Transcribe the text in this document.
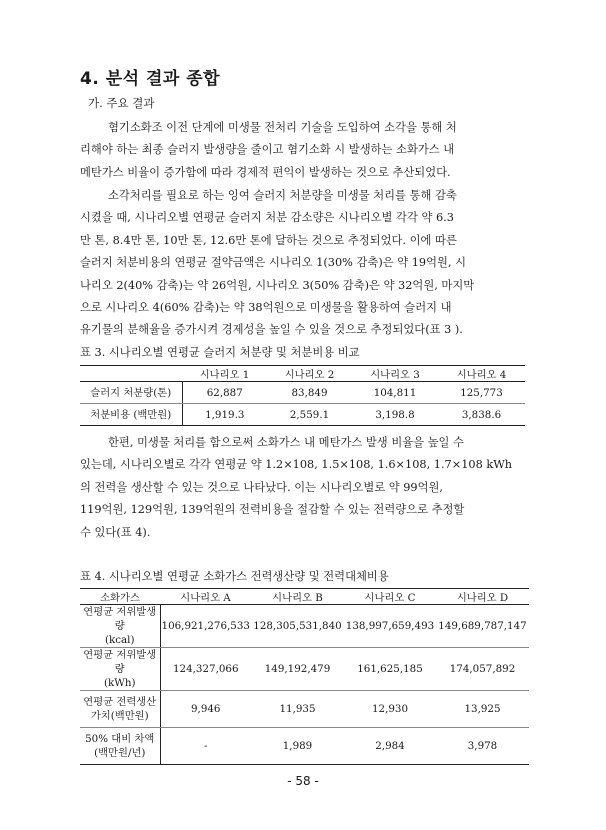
4. 분석 결과 종합
가. 주요 결과
혐기소화조 이전 단계에 미생물 전처리 기술을 도입하여 소각을 통해 처
리해야 하는 최종 슬러지 발생량을 줄이고 혐기소화 시 발생하는 소화가스 내
메탄가스 비율이 증가함에 따라 경제적 편익이 발생하는 것으로 추산되었다.
소각처리를 필요로 하는 잉여 슬러지 처분량을 미생물 처리를 통해 감축
시켰을 때, 시나리오별 연평균 슬러지 처분 감소량은 시나리오별 각각 약 6.3
만 톤, 8.4만 톤, 10만 톤, 12.6만 톤에 달하는 것으로 추정되었다. 이에 따른
슬러지 처분비용의 연평균 절약금액은 시나리오 1(30% 감축)은 약 19억원, 시
나리오 2(40% 감축)는 약 26억원, 시나리오 3(50% 감축)은 약 32억원, 마지막
으로 시나리오 4(60% 감축)는 약 38억원으로 미생물을 활용하여 슬러지 내
유기물의 분해율을 증가시켜 경제성을 높일 수 있을 것으로 추정되었다(표 3 ).
표 3. 시나리오별 연평균 슬러지 처분량 및 처분비용 비교
	시나리오 1	시나리오 2	시나리오 3	시나리오 4
슬러지 처분량(톤)	62,887	83,849	104,811	125,773
처분비용 (백만원)	1,919.3	2,559.1	3,198.8	3,838.6
한편, 미생물 처리를 함으로써 소화가스 내 메탄가스 발생 비율을 높일 수
있는데, 시나리오별로 각각 연평균 약 1.2×108, 1.5×108, 1.6×108, 1.7×108 kWh
의 전력을 생산할 수 있는 것으로 나타났다. 이는 시나리오별로 약 99억원,
119억원, 129억원, 139억원의 전력비용을 절감할 수 있는 전력량으로 추정할
수 있다(표 4).
표 4. 시나리오별 연평균 소화가스 전력생산량 및 전력대체비용
소화가스	시나리오 A	시나리오 B	시나리오 C	시나리오 D
연평균 저위발생량
(kcal)	106,921,276,533	128,305,531,840	138,997,659,493	149,689,787,147
연평균 저위발생량
(kWh)	124,327,066	149,192,479	161,625,185	174,057,892
연평균 전력생산
가치(백만원)	9,946	11,935	12,930	13,925
50% 대비 차액
(백만원/년)	-	1,989	2,984	3,978
- 58 -
